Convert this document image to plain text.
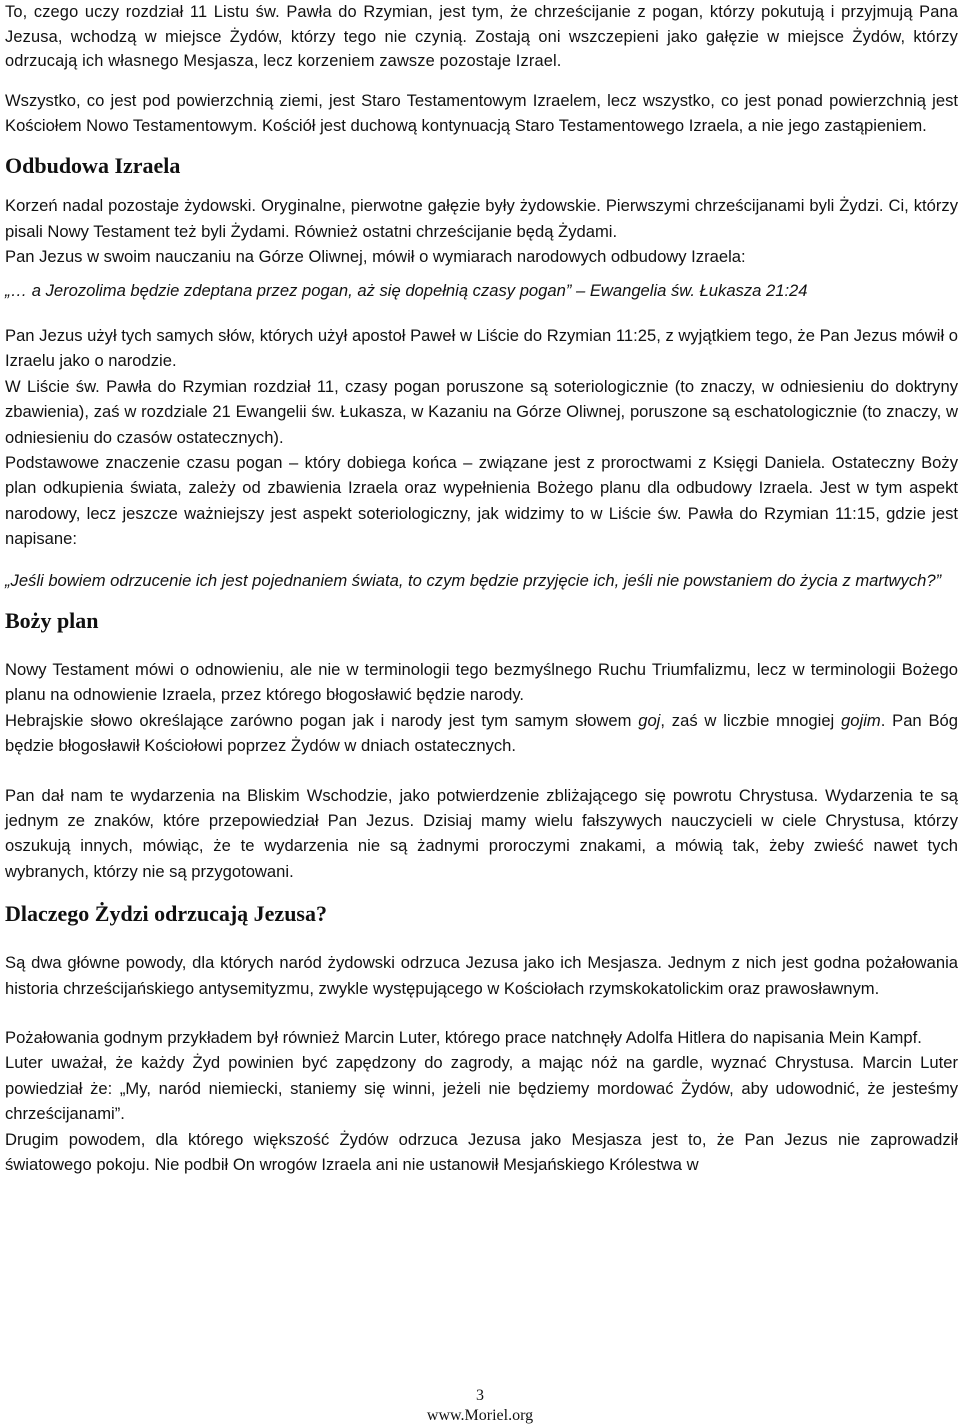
To, czego uczy rozdział 11 Listu św. Pawła do Rzymian, jest tym, że chrześcijanie z pogan, którzy pokutują i przyjmują Pana Jezusa, wchodzą w miejsce Żydów, którzy tego nie czynią. Zostają oni wszczepieni jako gałęzie w miejsce Żydów, którzy odrzucają ich własnego Mesjasza, lecz korzeniem zawsze pozostaje Izrael.

Wszystko, co jest pod powierzchnią ziemi, jest Staro Testamentowym Izraelem, lecz wszystko, co jest ponad powierzchnią jest Kościołem Nowo Testamentowym. Kościół jest duchową kontynuacją Staro Testamentowego Izraela, a nie jego zastąpieniem.

Odbudowa Izraela

Korzeń nadal pozostaje żydowski. Oryginalne, pierwotne gałęzie były żydowskie. Pierwszymi chrześcijanami byli Żydzi. Ci, którzy pisali Nowy Testament też byli Żydami. Również ostatni chrześcijanie będą Żydami.

Pan Jezus w swoim nauczaniu na Górze Oliwnej, mówił o wymiarach narodowych odbudowy Izraela:

„… a Jerozolima będzie zdeptana przez pogan, aż się dopełnią czasy pogan” – Ewangelia św. Łukasza 21:24

Pan Jezus użył tych samych słów, których użył apostoł Paweł w Liście do Rzymian 11:25, z wyjątkiem tego, że Pan Jezus mówił o Izraelu jako o narodzie.

W Liście św. Pawła do Rzymian rozdział 11, czasy pogan poruszone są soteriologicznie (to znaczy, w odniesieniu do doktryny zbawienia), zaś w rozdziale 21 Ewangelii św. Łukasza, w Kazaniu na Górze Oliwnej, poruszone są eschatologicznie (to znaczy, w odniesieniu do czasów ostatecznych).

Podstawowe znaczenie czasu pogan – który dobiega końca – związane jest z proroctwami z Księgi Daniela. Ostateczny Boży plan odkupienia świata, zależy od zbawienia Izraela oraz wypełnienia Bożego planu dla odbudowy Izraela. Jest w tym aspekt narodowy, lecz jeszcze ważniejszy jest aspekt soteriologiczny, jak widzimy to w Liście św. Pawła do Rzymian 11:15, gdzie jest napisane:

„Jeśli bowiem odrzucenie ich jest pojednaniem świata, to czym będzie przyjęcie ich, jeśli nie powstaniem do życia z martwych?”

Boży plan

Nowy Testament mówi o odnowieniu, ale nie w terminologii tego bezmyślnego Ruchu Triumfalizmu, lecz w terminologii Bożego planu na odnowienie Izraela, przez którego błogosławić będzie narody.

Hebrajskie słowo określające zarówno pogan jak i narody jest tym samym słowem goj, zaś w liczbie mnogiej gojim. Pan Bóg będzie błogosławił Kościołowi poprzez Żydów w dniach ostatecznych.

Pan dał nam te wydarzenia na Bliskim Wschodzie, jako potwierdzenie zbliżającego się powrotu Chrystusa. Wydarzenia te są jednym ze znaków, które przepowiedział Pan Jezus. Dzisiaj mamy wielu fałszywych nauczycieli w ciele Chrystusa, którzy oszukują innych, mówiąc, że te wydarzenia nie są żadnymi proroczymi znakami, a mówią tak, żeby zwieść nawet tych wybranych, którzy nie są przygotowani.

Dlaczego Żydzi odrzucają Jezusa?

Są dwa główne powody, dla których naród żydowski odrzuca Jezusa jako ich Mesjasza. Jednym z nich jest godna pożałowania historia chrześcijańskiego antysemityzmu, zwykle występującego w Kościołach rzymskokatolickim oraz prawosławnym.

Pożałowania godnym przykładem był również Marcin Luter, którego prace natchnęły Adolfa Hitlera do napisania Mein Kampf.

Luter uważał, że każdy Żyd powinien być zapędzony do zagrody, a mając nóż na gardle, wyznać Chrystusa. Marcin Luter powiedział że: „My, naród niemiecki, staniemy się winni, jeżeli nie będziemy mordować Żydów, aby udowodnić, że jesteśmy chrześcijanami”.

Drugim powodem, dla którego większość Żydów odrzuca Jezusa jako Mesjasza jest to, że Pan Jezus nie zaprowadził światowego pokoju. Nie podbił On wrogów Izraela ani nie ustanowił Mesjańskiego Królestwa w

3
www.Moriel.org
